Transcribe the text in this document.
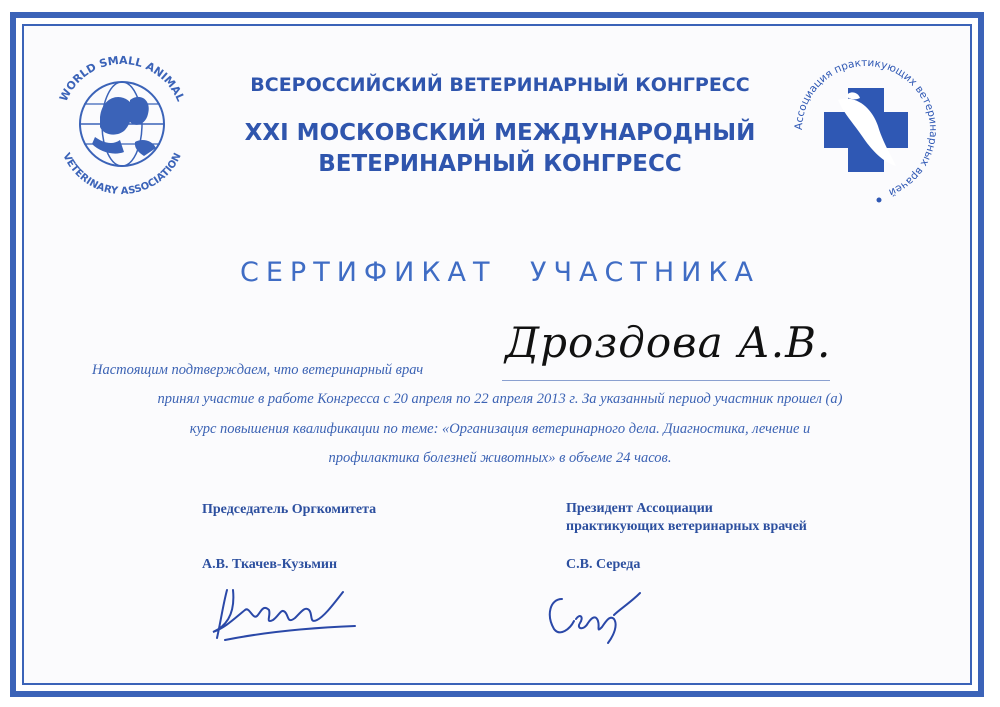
WORLD SMALL ANIMAL
VETERINARY ASSOCIATION
Ассоциация практикующих ветеринарных врачей
ВСЕРОССИЙСКИЙ ВЕТЕРИНАРНЫЙ КОНГРЕСС
XXI МОСКОВСКИЙ МЕЖДУНАРОДНЫЙ
ВЕТЕРИНАРНЫЙ КОНГРЕСС
СЕРТИФИКАТ УЧАСТНИКА
Настоящим подтверждаем, что ветеринарный врач
Дроздова А.В.
принял участие в работе Конгресса с 20 апреля по 22 апреля 2013 г. За указанный период участник прошел (а)
курс повышения квалификации по теме: «Организация ветеринарного дела. Диагностика, лечение и
профилактика болезней животных» в объеме 24 часов.
Председатель Оргкомитета
А.В. Ткачев-Кузьмин
Президент Ассоциации
практикующих ветеринарных врачей
С.В. Середа
